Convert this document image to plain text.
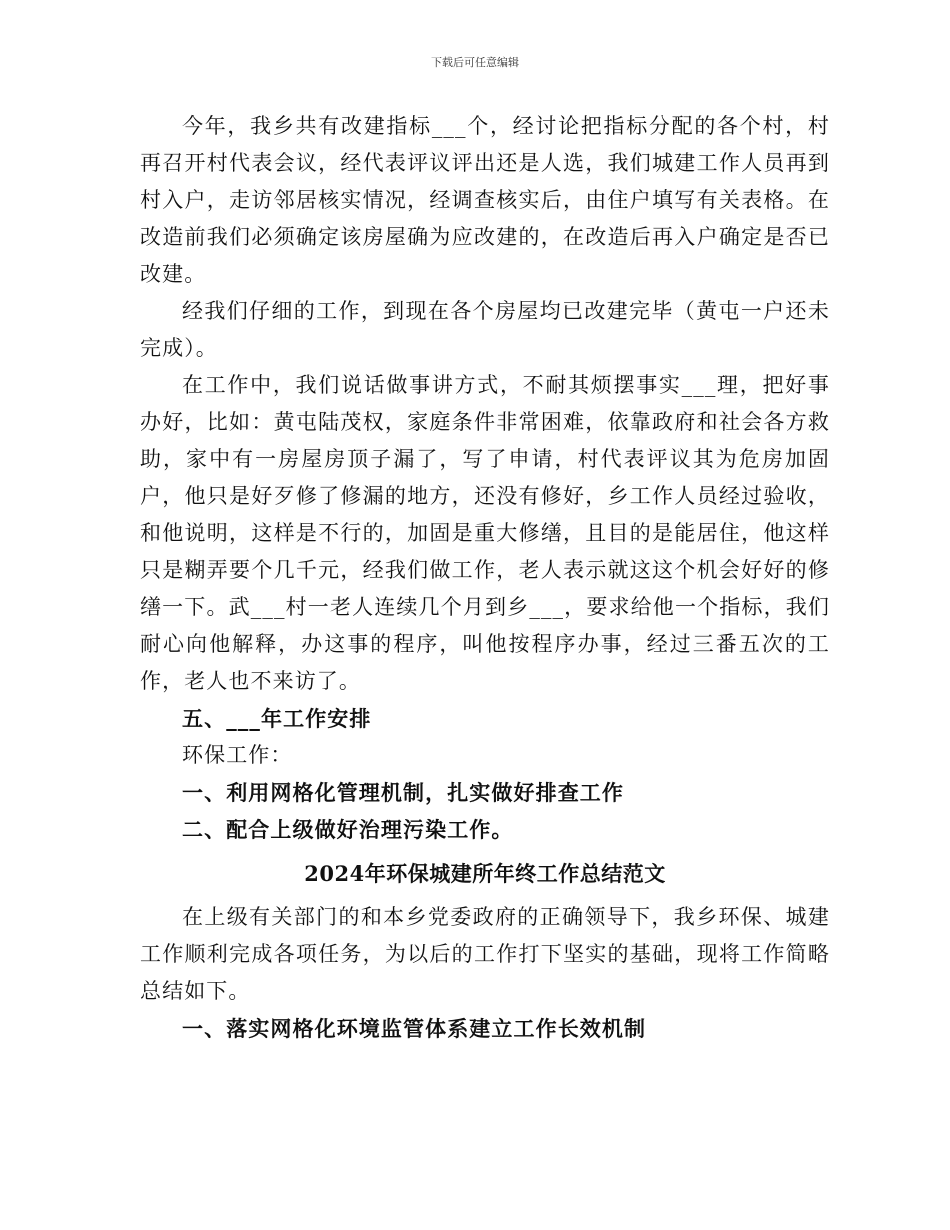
下载后可任意编辑

今年，我乡共有改建指标___个，经讨论把指标分配的各个村，村再召开村代表会议，经代表评议评出还是人选，我们城建工作人员再到村入户，走访邻居核实情况，经调查核实后，由住户填写有关表格。在改造前我们必须确定该房屋确为应改建的，在改造后再入户确定是否已改建。

经我们仔细的工作，到现在各个房屋均已改建完毕（黄屯一户还未完成）。

在工作中，我们说话做事讲方式，不耐其烦摆事实___理，把好事办好，比如：黄屯陆茂权，家庭条件非常困难，依靠政府和社会各方救助，家中有一房屋房顶子漏了，写了申请，村代表评议其为危房加固户，他只是好歹修了修漏的地方，还没有修好，乡工作人员经过验收，和他说明，这样是不行的，加固是重大修缮，且目的是能居住，他这样只是糊弄要个几千元，经我们做工作，老人表示就这这个机会好好的修缮一下。武___村一老人连续几个月到乡___，要求给他一个指标，我们耐心向他解释，办这事的程序，叫他按程序办事，经过三番五次的工作，老人也不来访了。

五、___年工作安排

环保工作：

一、利用网格化管理机制，扎实做好排查工作

二、配合上级做好治理污染工作。

2024年环保城建所年终工作总结范文

在上级有关部门的和本乡党委政府的正确领导下，我乡环保、城建工作顺利完成各项任务，为以后的工作打下坚实的基础，现将工作简略总结如下。

一、落实网格化环境监管体系建立工作长效机制
